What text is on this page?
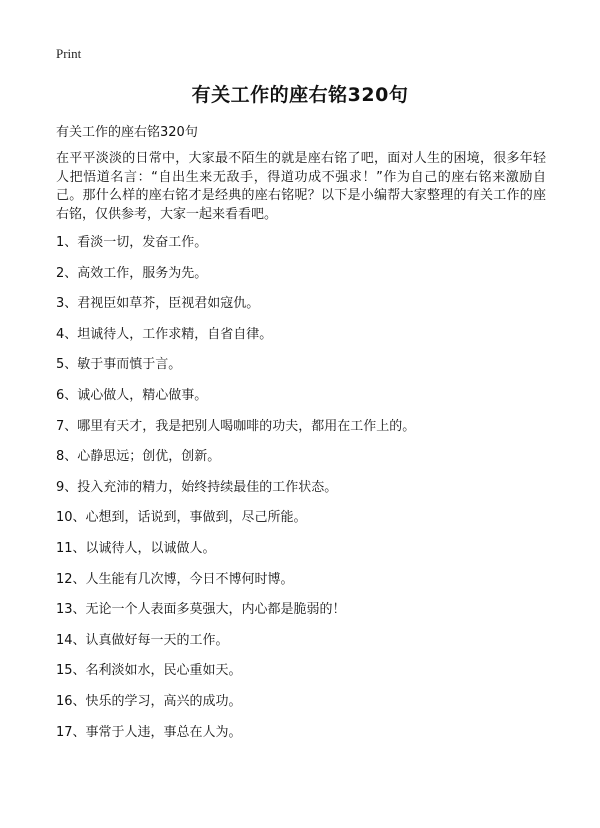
Print
有关工作的座右铭320句
有关工作的座右铭320句
在平平淡淡的日常中，大家最不陌生的就是座右铭了吧，面对人生的困境，很多年轻人把悟道名言：“自出生来无敌手，得道功成不强求！”作为自己的座右铭来激励自己。那什么样的座右铭才是经典的座右铭呢？以下是小编帮大家整理的有关工作的座右铭，仅供参考，大家一起来看看吧。
1、看淡一切，发奋工作。
2、高效工作，服务为先。
3、君视臣如草芥，臣视君如寇仇。
4、坦诚待人，工作求精，自省自律。
5、敏于事而慎于言。
6、诚心做人，精心做事。
7、哪里有天才，我是把别人喝咖啡的功夫，都用在工作上的。
8、心静思远；创优，创新。
9、投入充沛的精力，始终持续最佳的工作状态。
10、心想到，话说到，事做到，尽己所能。
11、以诚待人，以诚做人。
12、人生能有几次博，今日不博何时博。
13、无论一个人表面多莫强大，内心都是脆弱的！
14、认真做好每一天的工作。
15、名利淡如水，民心重如天。
16、快乐的学习，高兴的成功。
17、事常于人违，事总在人为。
